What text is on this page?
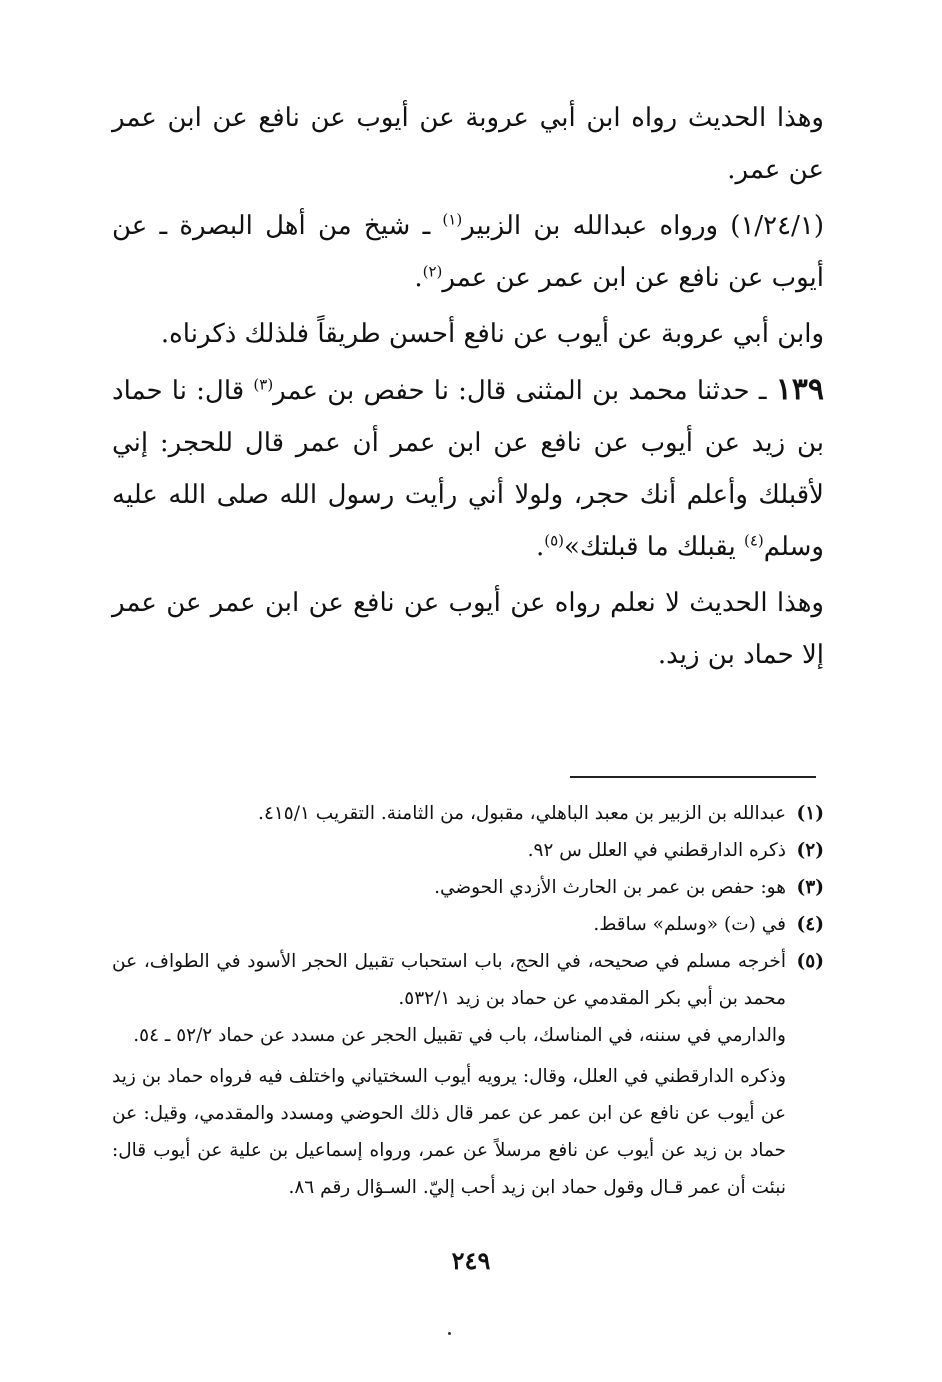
وهذا الحديث رواه ابن أبي عروبة عن أيوب عن نافع عن ابن عمر عن عمر.

(١/٢٤/١) ورواه عبدالله بن الزبير$^{(١)}$ ـ شيخ من أهل البصرة ـ عن أيوب عن نافع عن ابن عمر عن عمر$^{(٢)}$.

وابن أبي عروبة عن أيوب عن نافع أحسن طريقاً فلذلك ذكرناه.

١٣٩ ـ حدثنا محمد بن المثنى قال: نا حفص بن عمر$^{(٣)}$ قال: نا حماد بن زيد عن أيوب عن نافع عن ابن عمر أن عمر قال للحجر: إني لأقبلك وأعلم أنك حجر، ولولا أني رأيت رسول الله صلى الله عليه وسلم$^{(٤)}$ يقبلك ما قبلتك»$^{(٥)}$.

وهذا الحديث لا نعلم رواه عن أيوب عن نافع عن ابن عمر عن عمر إلا حماد بن زيد.

(١)

عبدالله بن الزبير بن معبد الباهلي، مقبول، من الثامنة. التقريب ٤١٥/١.

(٢)

ذكره الدارقطني في العلل س ٩٢.

(٣)

هو: حفص بن عمر بن الحارث الأزدي الحوضي.

(٤)

في (ت) «وسلم» ساقط.

(٥)

أخرجه مسلم في صحيحه، في الحج، باب استحباب تقبيل الحجر الأسود في الطواف، عن محمد بن أبي بكر المقدمي عن حماد بن زيد ٥٣٢/١.

والدارمي في سننه، في المناسك، باب في تقبيل الحجر عن مسدد عن حماد ٥٢/٢ ـ ٥٤.

وذكره الدارقطني في العلل، وقال: يرويه أيوب السختياني واختلف فيه فرواه حماد بن زيد عن أيوب عن نافع عن ابن عمر عن عمر قال ذلك الحوضي ومسدد والمقدمي، وقيل: عن حماد بن زيد عن أيوب عن نافع مرسلاً عن عمر، ورواه إسماعيل بن علية عن أيوب قال: نبئت أن عمر قـال وقول حماد ابن زيد أحب إليّ. السـؤال رقم ٨٦.

٢٤٩
